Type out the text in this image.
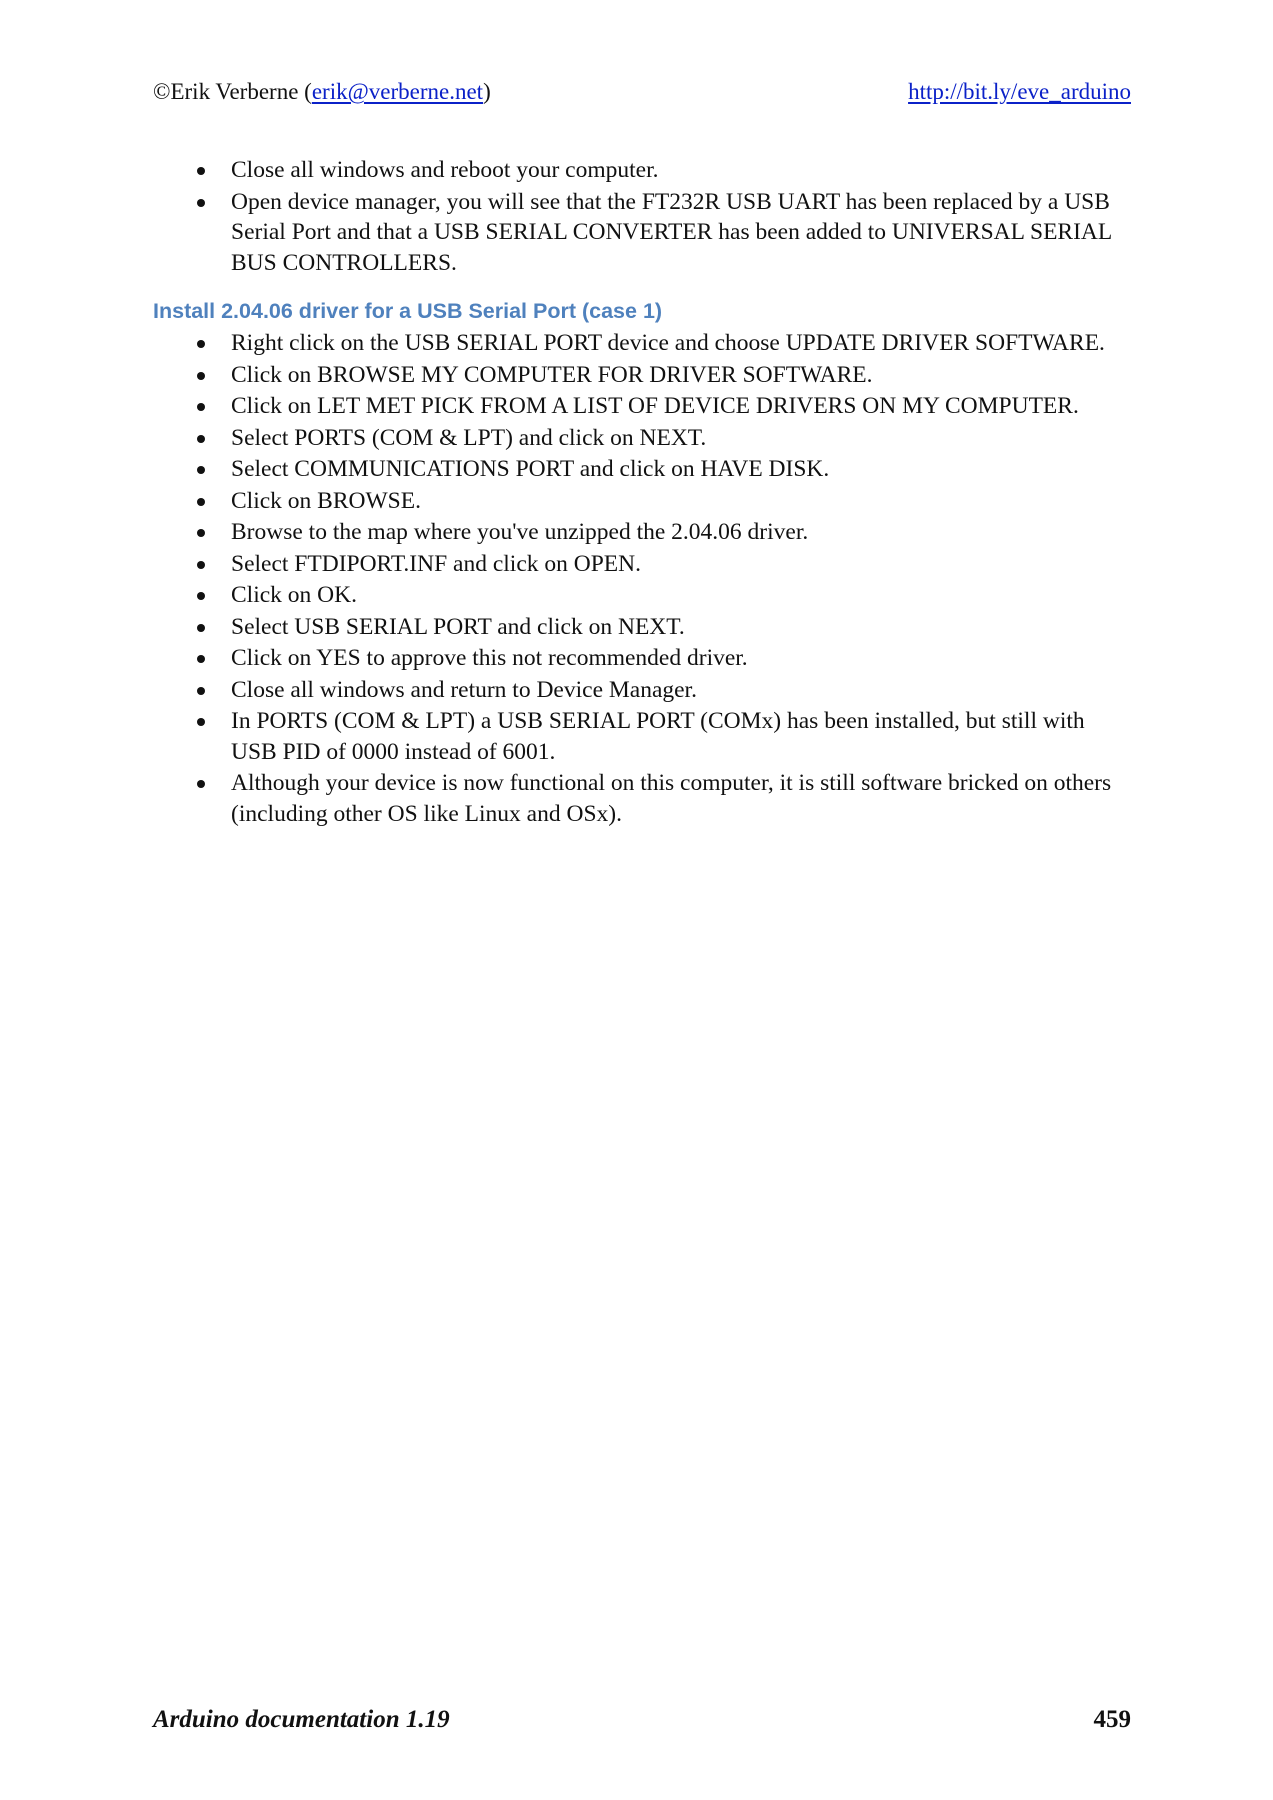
©Erik Verberne (erik@verberne.net)	http://bit.ly/eve_arduino
Close all windows and reboot your computer.
Open device manager, you will see that the FT232R USB UART has been replaced by a USB Serial Port and that a USB SERIAL CONVERTER has been added to UNIVERSAL SERIAL BUS CONTROLLERS.
Install 2.04.06 driver for a USB Serial Port (case 1)
Right click on the USB SERIAL PORT device and choose UPDATE DRIVER SOFTWARE.
Click on BROWSE MY COMPUTER FOR DRIVER SOFTWARE.
Click on LET MET PICK FROM A LIST OF DEVICE DRIVERS ON MY COMPUTER.
Select PORTS (COM & LPT) and click on NEXT.
Select COMMUNICATIONS PORT and click on HAVE DISK.
Click on BROWSE.
Browse to the map where you've unzipped the 2.04.06 driver.
Select FTDIPORT.INF and click on OPEN.
Click on OK.
Select USB SERIAL PORT and click on NEXT.
Click on YES to approve this not recommended driver.
Close all windows and return to Device Manager.
In PORTS (COM & LPT) a USB SERIAL PORT (COMx) has been installed, but still with USB PID of 0000 instead of 6001.
Although your device is now functional on this computer, it is still software bricked on others (including other OS like Linux and OSx).
Arduino documentation 1.19	459
